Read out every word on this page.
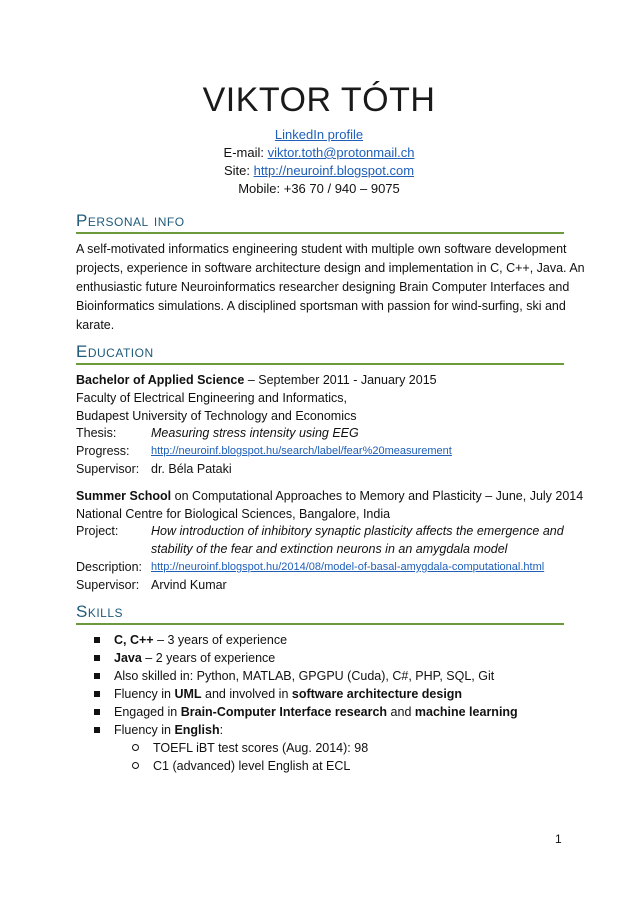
VIKTOR TÓTH
LinkedIn profile
E-mail: viktor.toth@protonmail.ch
Site: http://neuroinf.blogspot.com
Mobile: +36 70 / 940 – 9075
Personal info
A self-motivated informatics engineering student with multiple own software development
projects, experience in software architecture design and implementation in C, C++, Java. An
enthusiastic future Neuroinformatics researcher designing Brain Computer Interfaces and
Bioinformatics simulations. A disciplined sportsman with passion for wind-surfing, ski and
karate.
Education
Bachelor of Applied Science – September 2011 - January 2015
Faculty of Electrical Engineering and Informatics,
Budapest University of Technology and Economics
Thesis:	Measuring stress intensity using EEG
Progress: http://neuroinf.blogspot.hu/search/label/fear%20measurement
Supervisor: dr. Béla Pataki
Summer School on Computational Approaches to Memory and Plasticity – June, July 2014
National Centre for Biological Sciences, Bangalore, India
Project:	How introduction of inhibitory synaptic plasticity affects the emergence and
stability of the fear and extinction neurons in an amygdala model
Description: http://neuroinf.blogspot.hu/2014/08/model-of-basal-amygdala-computational.html
Supervisor: Arvind Kumar
Skills
C, C++ – 3 years of experience
Java – 2 years of experience
Also skilled in: Python, MATLAB, GPGPU (Cuda), C#, PHP, SQL, Git
Fluency in UML and involved in software architecture design
Engaged in Brain-Computer Interface research and machine learning
Fluency in English:
TOEFL iBT test scores (Aug. 2014): 98
C1 (advanced) level English at ECL
1
